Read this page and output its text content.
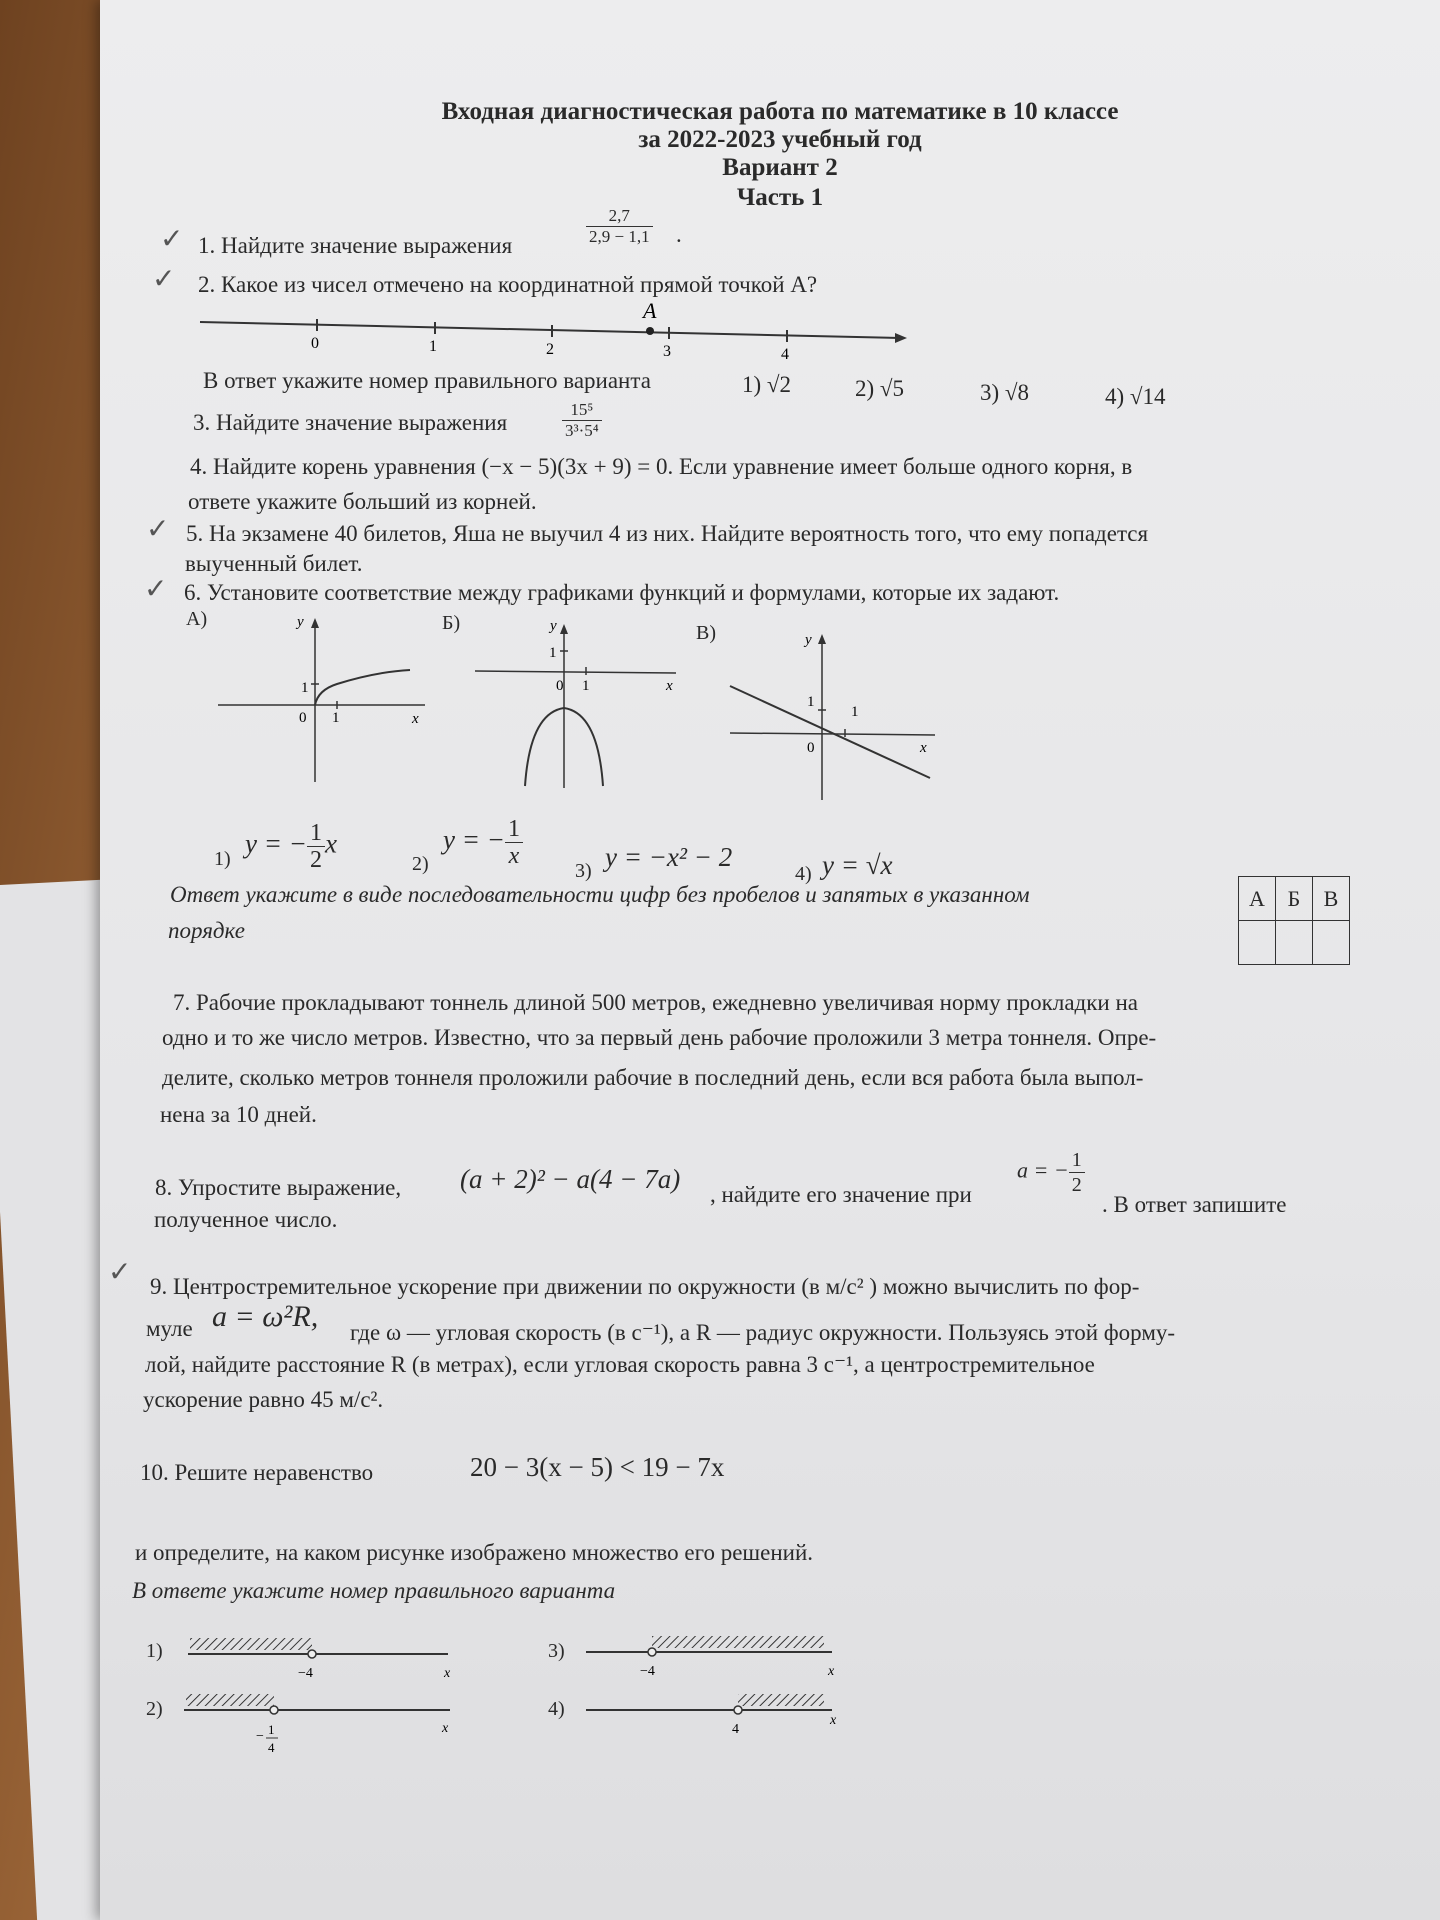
Входная диагностическая работа по математике в 10 классе
за 2022-2023 учебный год
Вариант 2
Часть 1
✓ 1. Найдите значение выражения	$\frac{2,7}{2,9 - 1,1}$ .
✓ 2. Какое из чисел отмечено на координатной прямой точкой А?
A
0	1	2	3	4
В ответ укажите номер правильного варианта	1) √2	2) √5	3) √8	4) √14
3. Найдите значение выражения	$\frac{\text{15⁵}}{\text{3³·5⁴}}$
4. Найдите корень уравнения (−x − 5)(3x + 9) = 0. Если уравнение имеет больше одного корня, в
ответе укажите больший из корней.
✓ 5. На экзамене 40 билетов, Яша не выучил 4 из них. Найдите вероятность того, что ему попадется
выученный билет.
✓ 6. Установите соответствие между графиками функций и формулами, которые их задают.
А)	y
x
0 1
1
Б)	y
x
0 1
1
В)	y
x
0
1
1
1)
y = − $\frac{1}{2}$ x
2)
y = − $\frac{1}{x}$
3) y = −x² − 2
4) y = √x
Ответ укажите в виде последовательности цифр без пробелов и запятых в указанном
порядке
А	Б	В

7. Рабочие прокладывают тоннель длиной 500 метров, ежедневно увеличивая норму прокладки на
одно и то же число метров. Известно, что за первый день рабочие проложили 3 метра тоннеля. Опре-
делите, сколько метров тоннеля проложили рабочие в последний день, если вся работа была выпол-
нена за 10 дней.
8. Упростите выражение, (a + 2)² − a(4 − 7a)
, найдите его значение при
a = − $\frac{1}{2}$
. В ответ запишите
полученное число.
✓ 9. Центростремительное ускорение при движении по окружности (в м/с² ) можно вычислить по фор-
муле a = ω²R, где ω — угловая скорость (в с⁻¹), а R — радиус окружности. Пользуясь этой форму-
лой, найдите расстояние R (в метрах), если угловая скорость равна 3 с⁻¹, а центростремительное
ускорение равно 45 м/с².
10. Решите неравенство	20 − 3(x − 5) < 19 − 7x
и определите, на каком рисунке изображено множество его решений.
В ответе укажите номер правильного варианта
1)
−4	x
2)
− 1
4
x
3)
−4	x
4)
4
x
